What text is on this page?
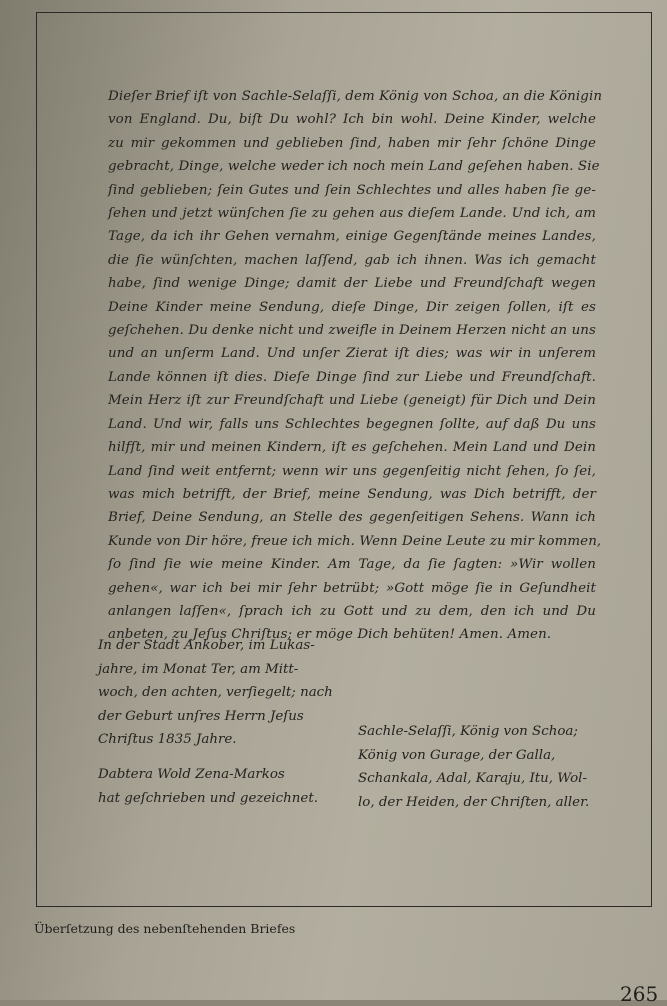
Dieſer Brief iſt von Sachle-Selaſſi, dem König von Schoa, an die Königin
von England. Du, biſt Du wohl? Ich bin wohl. Deine Kinder, welche
zu mir gekommen und geblieben ſind, haben mir ſehr ſchöne Dinge
gebracht, Dinge, welche weder ich noch mein Land geſehen haben. Sie
ſind geblieben; ſein Gutes und ſein Schlechtes und alles haben ſie ge-
ſehen und jetzt wünſchen ſie zu gehen aus dieſem Lande. Und ich, am
Tage, da ich ihr Gehen vernahm, einige Gegenſtände meines Landes,
die ſie wünſchten, machen laſſend, gab ich ihnen. Was ich gemacht
habe, ſind wenige Dinge; damit der Liebe und Freundſchaft wegen
Deine Kinder meine Sendung, dieſe Dinge, Dir zeigen ſollen, iſt es
geſchehen. Du denke nicht und zweifle in Deinem Herzen nicht an uns
und an unſerm Land. Und unſer Zierat iſt dies; was wir in unſerem
Lande können iſt dies. Dieſe Dinge ſind zur Liebe und Freundſchaft.
Mein Herz iſt zur Freundſchaft und Liebe (geneigt) für Dich und Dein
Land. Und wir, falls uns Schlechtes begegnen ſollte, auf daß Du uns
hilfſt, mir und meinen Kindern, iſt es geſchehen. Mein Land und Dein
Land ſind weit entfernt; wenn wir uns gegenſeitig nicht ſehen, ſo ſei,
was mich betrifft, der Brief, meine Sendung, was Dich betrifft, der
Brief, Deine Sendung, an Stelle des gegenſeitigen Sehens. Wann ich
Kunde von Dir höre, freue ich mich. Wenn Deine Leute zu mir kommen,
ſo ſind ſie wie meine Kinder. Am Tage, da ſie ſagten: »Wir wollen
gehen«, war ich bei mir ſehr betrübt; »Gott möge ſie in Geſundheit
anlangen laſſen«, ſprach ich zu Gott und zu dem, den ich und Du
anbeten, zu Jeſus Chriſtus; er möge Dich behüten! Amen. Amen.
In der Stadt Ankober, im Lukas-
jahre, im Monat Ter, am Mitt-
woch, den achten, verſiegelt; nach
der Geburt unſres Herrn Jeſus
Chriſtus 1835 Jahre.
Dabtera Wold Zena-Markos
hat geſchrieben und gezeichnet.
Sachle-Selaſſi, König von Schoa;
König von Gurage, der Galla,
Schankala, Adal, Karaju, Itu, Wol-
lo, der Heiden, der Chriſten, aller.
Überſetzung des nebenſtehenden Briefes
265
